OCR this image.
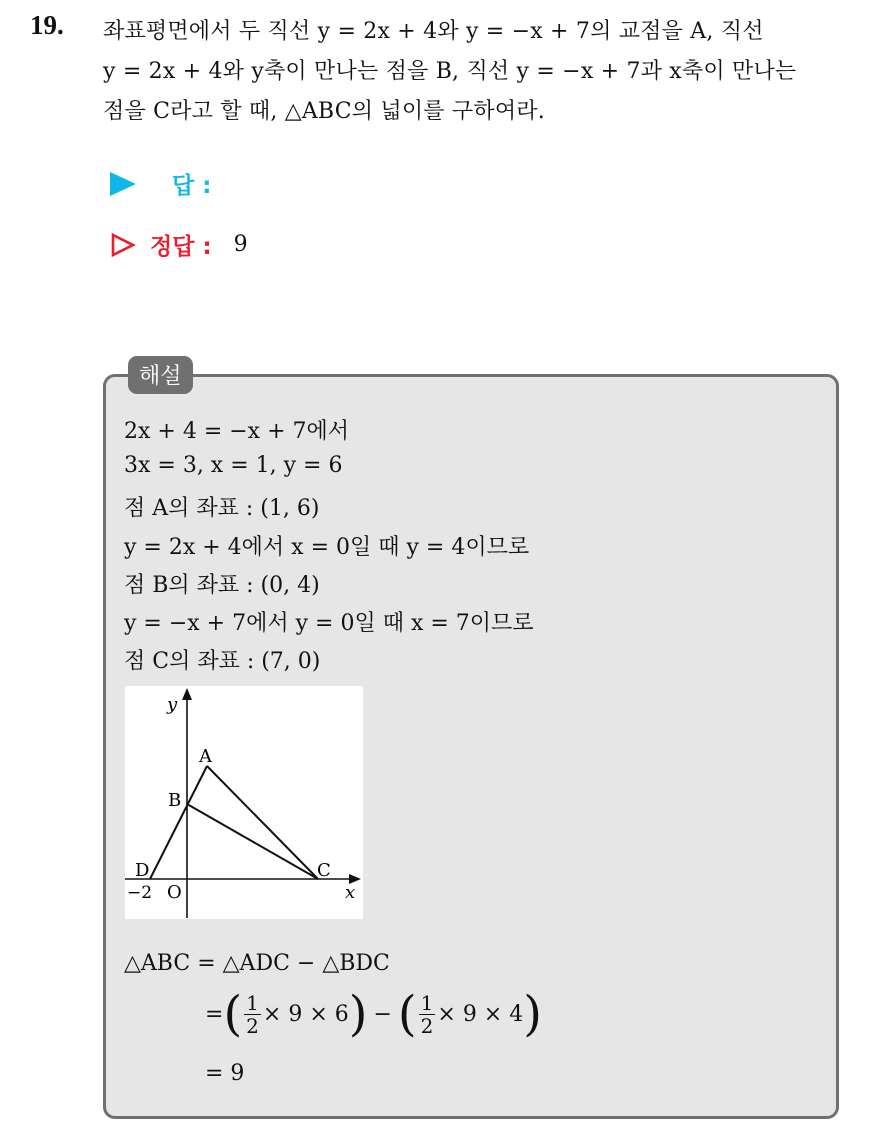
19. 좌표평면에서 두 직선 y = 2x + 4와 y = −x + 7의 교점을 A, 직선
y = 2x + 4와 y축이 만나는 점을 B, 직선 y = −x + 7과 x축이 만나는
점을 C라고 할 때, △ABC의 넓이를 구하여라.
답 :
정답 : 9
해설
2x + 4 = −x + 7에서
3x = 3, x = 1, y = 6
점 A의 좌표 : (1, 6)
y = 2x + 4에서 x = 0일 때 y = 4이므로
점 B의 좌표 : (0, 4)
y = −x + 7에서 y = 0일 때 x = 7이므로
점 C의 좌표 : (7, 0)
y
x
O
A
B
C
D
−2
△ABC = △ADC − △BDC
= ( $\frac{1}{2} \times 9 \times 6$ ) − ( $\frac{1}{2} \times 9 \times 4$ )
= 9
